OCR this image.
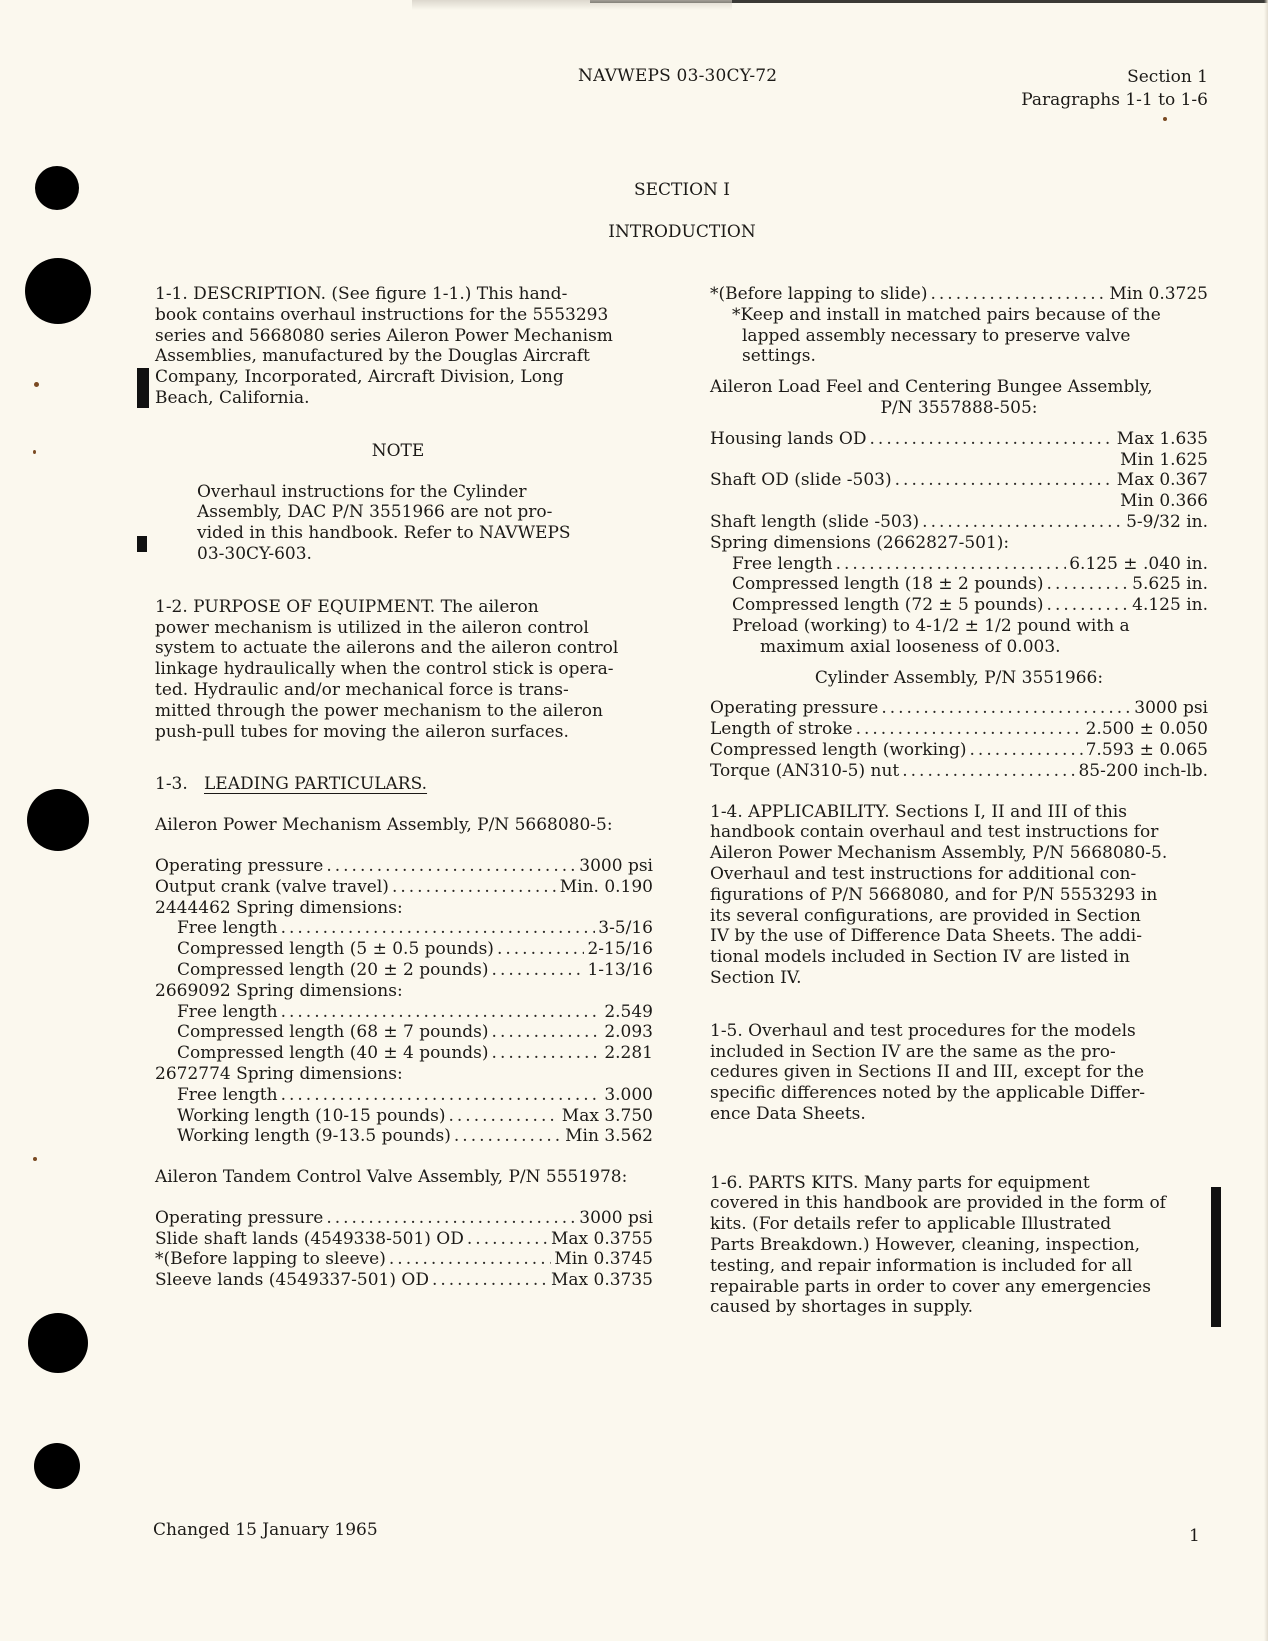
NAVWEPS 03-30CY-72	Section 1
Paragraphs 1-1 to 1-6
SECTION I
INTRODUCTION
1-1. DESCRIPTION. (See figure 1-1.) This hand-
book contains overhaul instructions for the 5553293
series and 5668080 series Aileron Power Mechanism
Assemblies, manufactured by the Douglas Aircraft
Company, Incorporated, Aircraft Division, Long
Beach, California.
NOTE
Overhaul instructions for the Cylinder
Assembly, DAC P/N 3551966 are not pro-
vided in this handbook. Refer to NAVWEPS
03-30CY-603.
1-2. PURPOSE OF EQUIPMENT. The aileron
power mechanism is utilized in the aileron control
system to actuate the ailerons and the aileron control
linkage hydraulically when the control stick is opera-
ted. Hydraulic and/or mechanical force is trans-
mitted through the power mechanism to the aileron
push-pull tubes for moving the aileron surfaces.
1-3. LEADING PARTICULARS.
Aileron Power Mechanism Assembly, P/N 5668080-5:
Operating pressure . . .	3000 psi
Output crank (valve travel) . . .	Min. 0.190
2444462 Spring dimensions:
Free length . . .	3-5/16
Compressed length (5 ± 0.5 pounds) . . .	2-15/16
Compressed length (20 ± 2 pounds) . . .	1-13/16
2669092 Spring dimensions:
Free length . . .	2.549
Compressed length (68 ± 7 pounds) . . .	2.093
Compressed length (40 ± 4 pounds) . . .	2.281
2672774 Spring dimensions:
Free length . . .	3.000
Working length (10-15 pounds) . . .	Max 3.750
Working length (9-13.5 pounds) . . .	Min 3.562
Aileron Tandem Control Valve Assembly, P/N 5551978:
Operating pressure . . .	3000 psi
Slide shaft lands (4549338-501) OD . . .	Max 0.3755
*(Before lapping to sleeve) . . .	Min 0.3745
Sleeve lands (4549337-501) OD . . .	Max 0.3735
*(Before lapping to slide) . . .	Min 0.3725
*Keep and install in matched pairs because of the
lapped assembly necessary to preserve valve
settings.
Aileron Load Feel and Centering Bungee Assembly,
P/N 3557888-505:
Housing lands OD . . .	Max 1.635
Min 1.625
Shaft OD (slide -503) . . .	Max 0.367
Min 0.366
Shaft length (slide -503) . . .	5-9/32 in.
Spring dimensions (2662827-501):
Free length . . .	6.125 ± .040 in.
Compressed length (18 ± 2 pounds) . . .	5.625 in.
Compressed length (72 ± 5 pounds) . . .	4.125 in.
Preload (working) to 4-1/2 ± 1/2 pound with a
maximum axial looseness of 0.003.
Cylinder Assembly, P/N 3551966:
Operating pressure . . .	3000 psi
Length of stroke . . .	2.500 ± 0.050
Compressed length (working) . . .	7.593 ± 0.065
Torque (AN310-5) nut . . .	85-200 inch-lb.
1-4. APPLICABILITY. Sections I, II and III of this
handbook contain overhaul and test instructions for
Aileron Power Mechanism Assembly, P/N 5668080-5.
Overhaul and test instructions for additional con-
figurations of P/N 5668080, and for P/N 5553293 in
its several configurations, are provided in Section
IV by the use of Difference Data Sheets. The addi-
tional models included in Section IV are listed in
Section IV.
1-5. Overhaul and test procedures for the models
included in Section IV are the same as the pro-
cedures given in Sections II and III, except for the
specific differences noted by the applicable Differ-
ence Data Sheets.
1-6. PARTS KITS. Many parts for equipment
covered in this handbook are provided in the form of
kits. (For details refer to applicable Illustrated
Parts Breakdown.) However, cleaning, inspection,
testing, and repair information is included for all
repairable parts in order to cover any emergencies
caused by shortages in supply.
Changed 15 January 1965	1
